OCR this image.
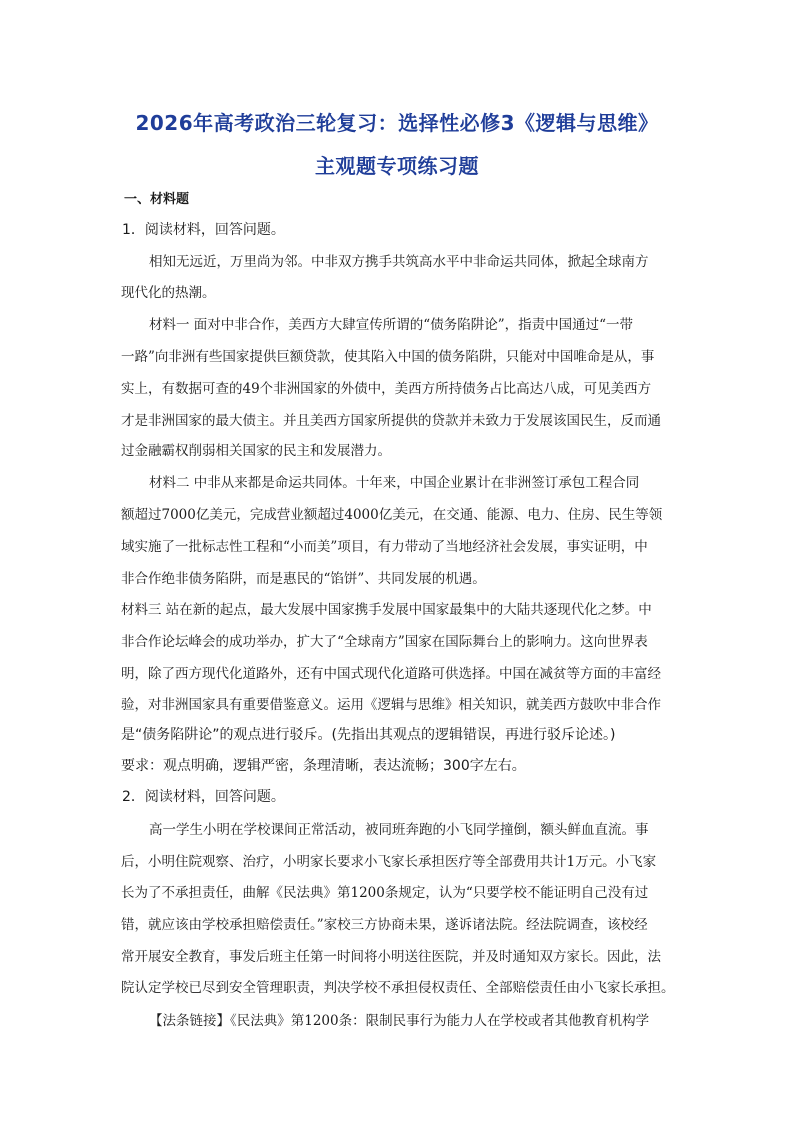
2026年高考政治三轮复习：选择性必修3《逻辑与思维》
主观题专项练习题
一、材料题
1．阅读材料，回答问题。
相知无远近，万里尚为邻。中非双方携手共筑高水平中非命运共同体，掀起全球南方
现代化的热潮。
材料一 面对中非合作，美西方大肆宣传所谓的“债务陷阱论”，指责中国通过“一带
一路”向非洲有些国家提供巨额贷款，使其陷入中国的债务陷阱，只能对中国唯命是从，事
实上，有数据可查的49个非洲国家的外债中，美西方所持债务占比高达八成，可见美西方
才是非洲国家的最大债主。并且美西方国家所提供的贷款并未致力于发展该国民生，反而通
过金融霸权削弱相关国家的民主和发展潜力。
材料二 中非从来都是命运共同体。十年来，中国企业累计在非洲签订承包工程合同
额超过7000亿美元，完成营业额超过4000亿美元，在交通、能源、电力、住房、民生等领
域实施了一批标志性工程和“小而美”项目，有力带动了当地经济社会发展，事实证明，中
非合作绝非债务陷阱，而是惠民的“馅饼”、共同发展的机遇。
材料三 站在新的起点，最大发展中国家携手发展中国家最集中的大陆共逐现代化之梦。中
非合作论坛峰会的成功举办，扩大了“全球南方”国家在国际舞台上的影响力。这向世界表
明，除了西方现代化道路外，还有中国式现代化道路可供选择。中国在减贫等方面的丰富经
验，对非洲国家具有重要借鉴意义。运用《逻辑与思维》相关知识，就美西方鼓吹中非合作
是“债务陷阱论”的观点进行驳斥。(先指出其观点的逻辑错误，再进行驳斥论述。)
要求：观点明确，逻辑严密，条理清晰，表达流畅；300字左右。
2．阅读材料，回答问题。
高一学生小明在学校课间正常活动，被同班奔跑的小飞同学撞倒，额头鲜血直流。事
后，小明住院观察、治疗，小明家长要求小飞家长承担医疗等全部费用共计1万元。小飞家
长为了不承担责任，曲解《民法典》第1200条规定，认为“只要学校不能证明自己没有过
错，就应该由学校承担赔偿责任。”家校三方协商未果，遂诉诸法院。经法院调查，该校经
常开展安全教育，事发后班主任第一时间将小明送往医院，并及时通知双方家长。因此，法
院认定学校已尽到安全管理职责，判决学校不承担侵权责任、全部赔偿责任由小飞家长承担。
【法条链接】《民法典》第1200条：限制民事行为能力人在学校或者其他教育机构学
